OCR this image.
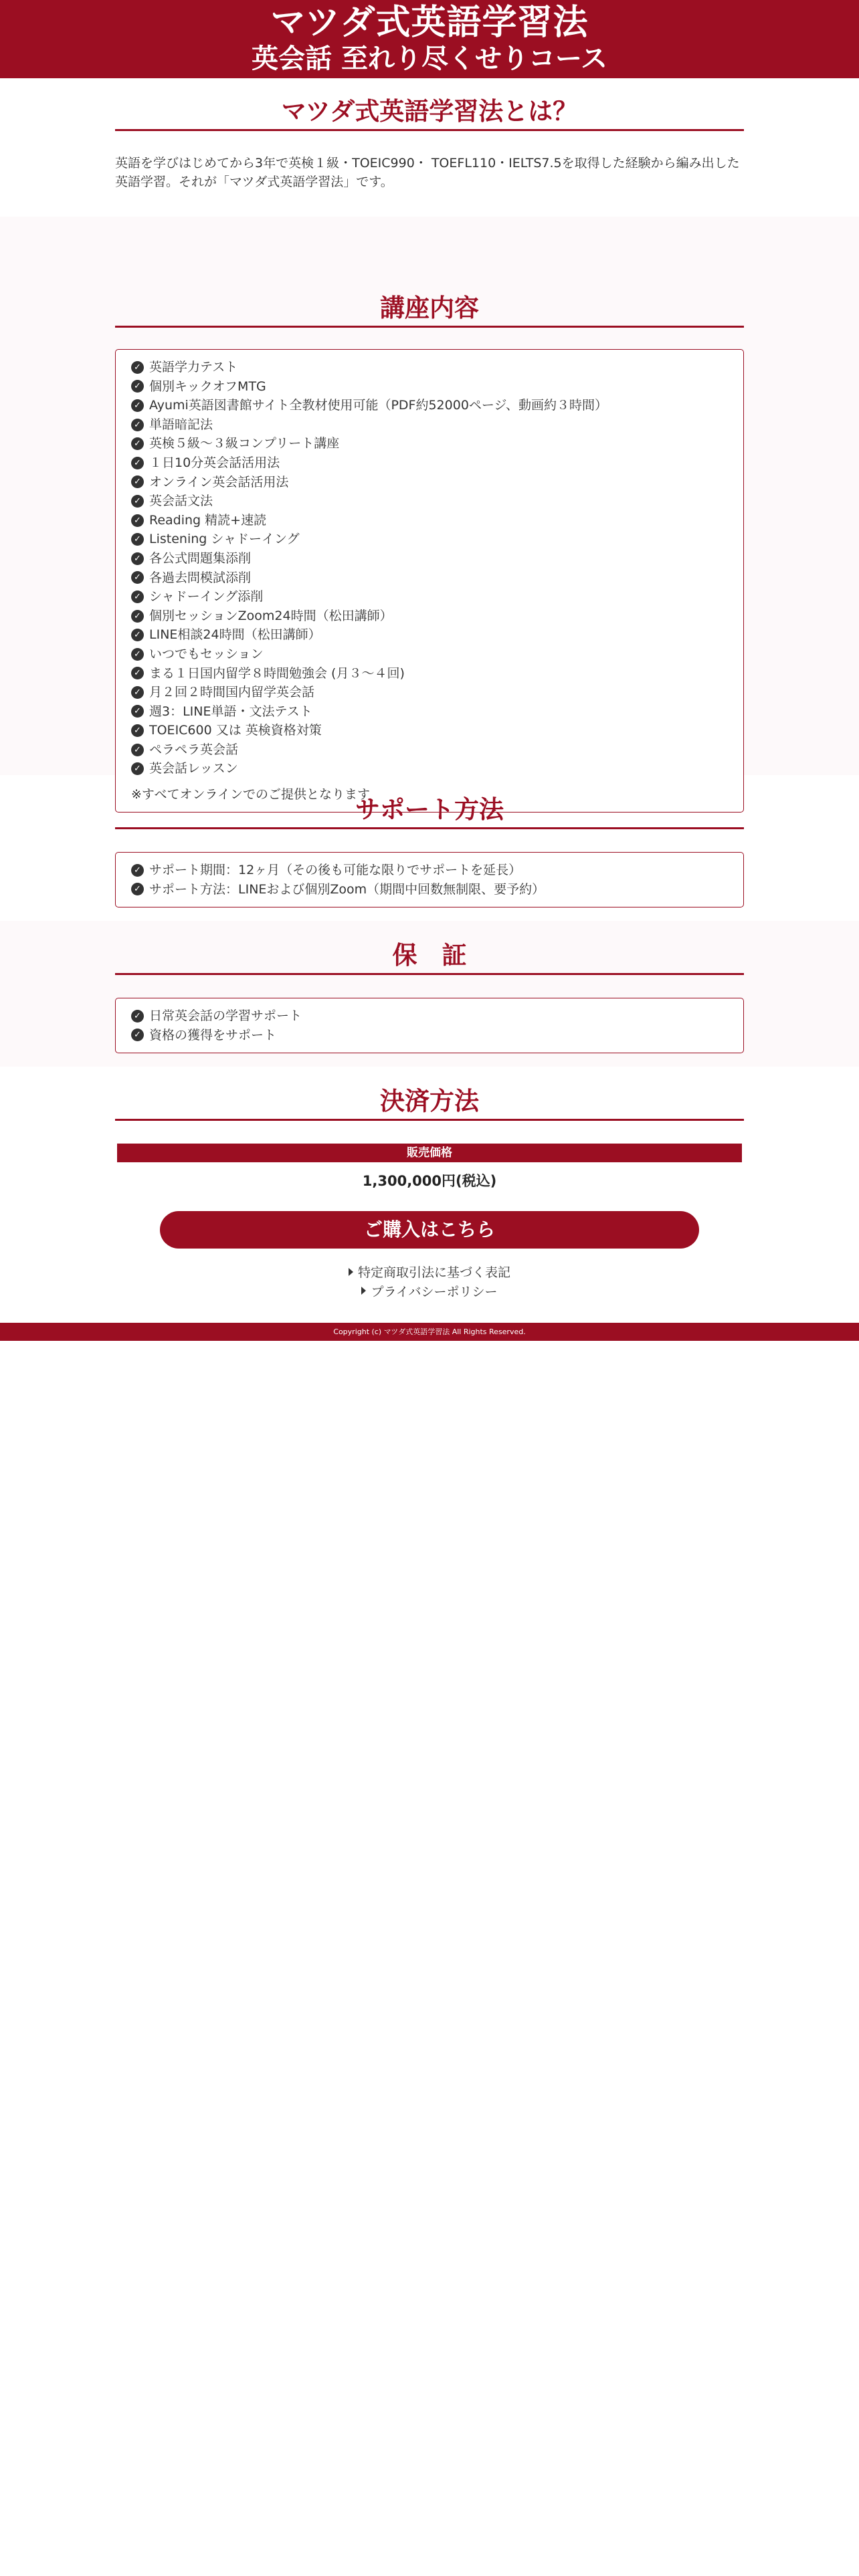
マツダ式英語学習法
英会話 至れり尽くせりコース
マツダ式英語学習法とは？
英語を学びはじめてから3年で英検１級・TOEIC990・ TOEFL110・IELTS7.5を取得した経験から編み出した英語学習。それが「マツダ式英語学習法」です。
講座内容
✓ 英語学力テスト
✓ 個別キックオフMTG
✓ Ayumi英語図書館サイト全教材使用可能（PDF約52000ページ、動画約３時間）
✓ 単語暗記法
✓ 英検５級〜３級コンプリート講座
✓ １日10分英会話活用法
✓ オンライン英会話活用法
✓ 英会話文法
✓ Reading 精読+速読
✓ Listening シャドーイング
✓ 各公式問題集添削
✓ 各過去問模試添削
✓ シャドーイング添削
✓ 個別セッションZoom24時間（松田講師）
✓ LINE相談24時間（松田講師）
✓ いつでもセッション
✓ まる１日国内留学８時間勉強会 (月３〜４回)
✓ 月２回２時間国内留学英会話
✓ 週3：LINE単語・文法テスト
✓ TOEIC600 又は 英検資格対策
✓ ペラペラ英会話
✓ 英会話レッスン
※すべてオンラインでのご提供となります
サポート方法
✓ サポート期間：12ヶ月（その後も可能な限りでサポートを延長）
✓ サポート方法：LINEおよび個別Zoom（期間中回数無制限、要予約）
保　証
✓ 日常英会話の学習サポート
✓ 資格の獲得をサポート
決済方法
販売価格
1,300,000円(税込)
ご購入はこちら
特定商取引法に基づく表記
プライバシーポリシー
Copyright (c) マツダ式英語学習法 All Rights Reserved.
